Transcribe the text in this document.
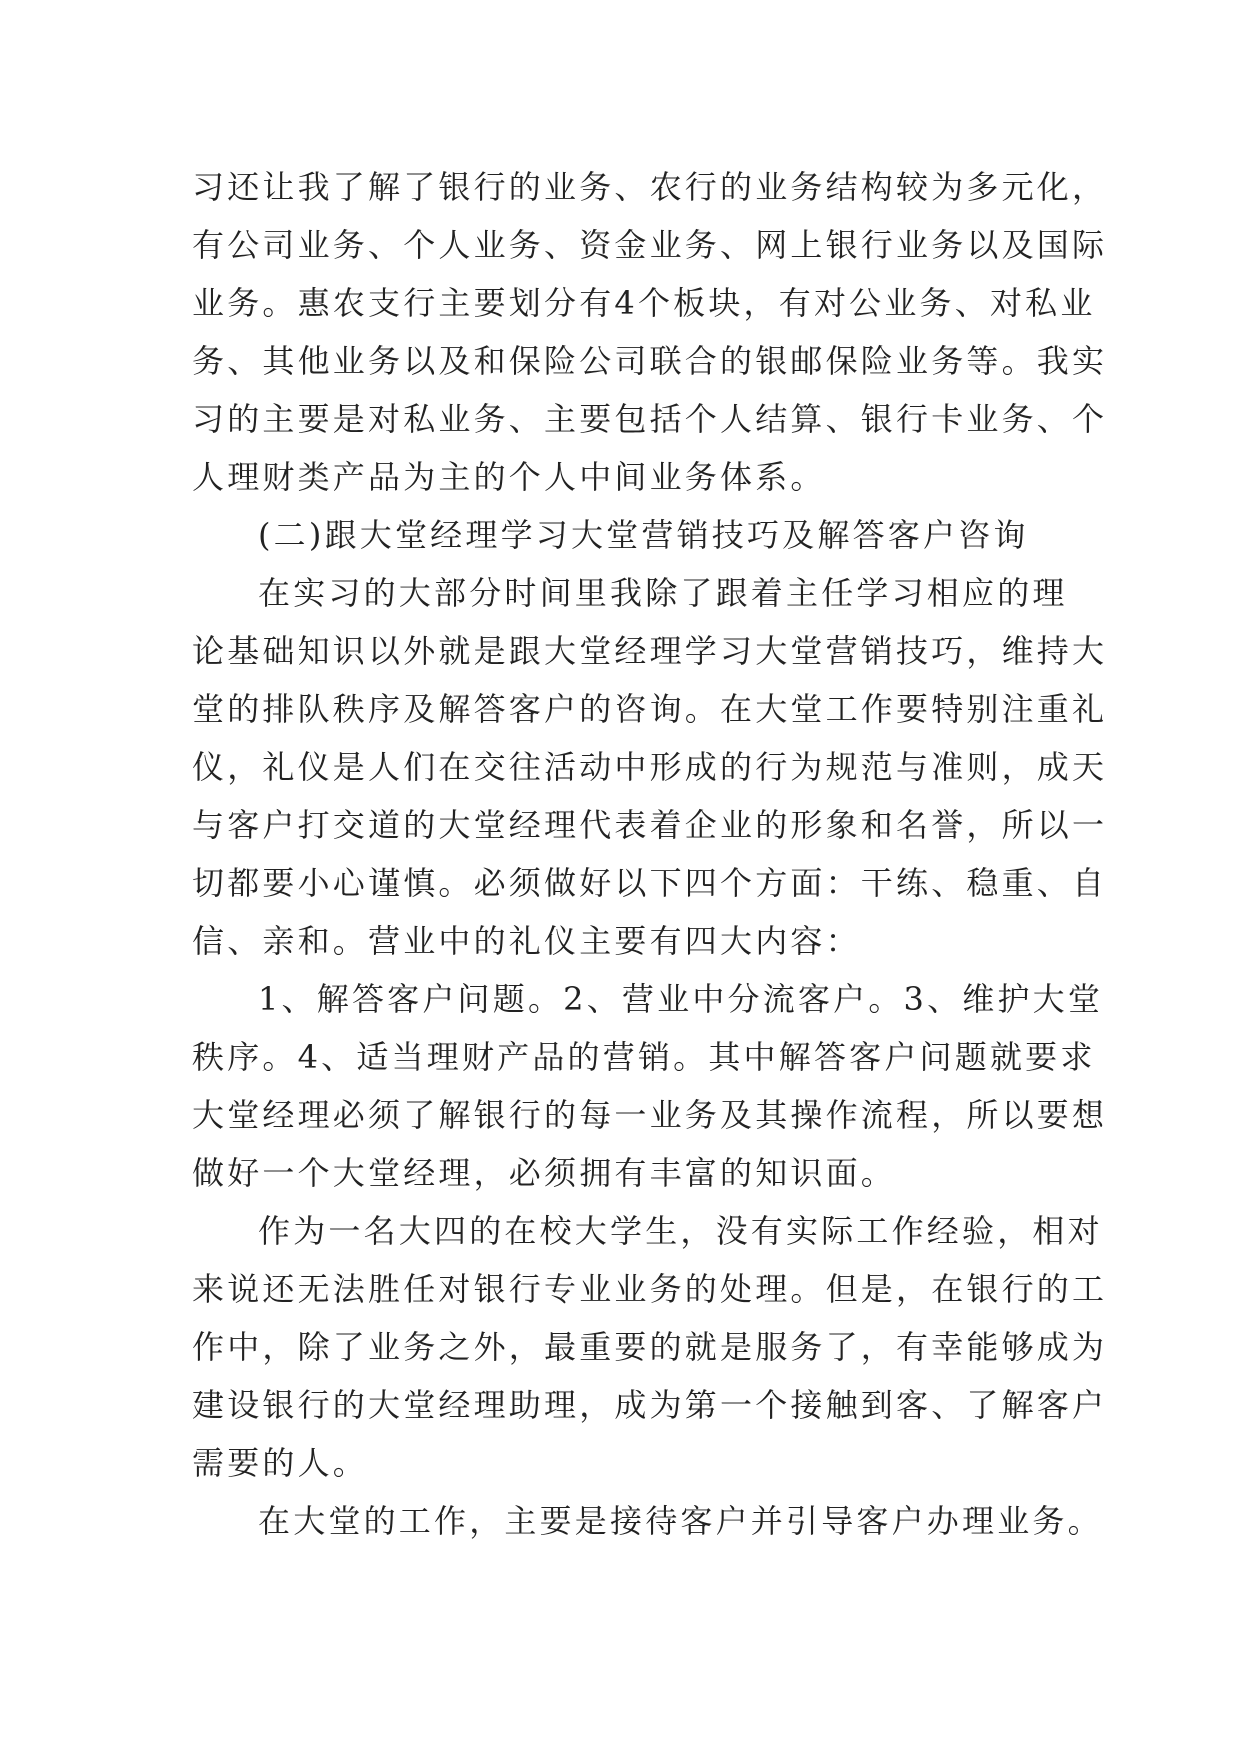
习还让我了解了银行的业务、农行的业务结构较为多元化，
有公司业务、个人业务、资金业务、网上银行业务以及国际
业务。惠农支行主要划分有4个板块，有对公业务、对私业
务、其他业务以及和保险公司联合的银邮保险业务等。我实
习的主要是对私业务、主要包括个人结算、银行卡业务、个
人理财类产品为主的个人中间业务体系。
(二)跟大堂经理学习大堂营销技巧及解答客户咨询
在实习的大部分时间里我除了跟着主任学习相应的理
论基础知识以外就是跟大堂经理学习大堂营销技巧，维持大
堂的排队秩序及解答客户的咨询。在大堂工作要特别注重礼
仪，礼仪是人们在交往活动中形成的行为规范与准则，成天
与客户打交道的大堂经理代表着企业的形象和名誉，所以一
切都要小心谨慎。必须做好以下四个方面：干练、稳重、自
信、亲和。营业中的礼仪主要有四大内容：
1、解答客户问题。2、营业中分流客户。3、维护大堂
秩序。4、适当理财产品的营销。其中解答客户问题就要求
大堂经理必须了解银行的每一业务及其操作流程，所以要想
做好一个大堂经理，必须拥有丰富的知识面。
作为一名大四的在校大学生，没有实际工作经验，相对
来说还无法胜任对银行专业业务的处理。但是，在银行的工
作中，除了业务之外，最重要的就是服务了，有幸能够成为
建设银行的大堂经理助理，成为第一个接触到客、了解客户
需要的人。
在大堂的工作，主要是接待客户并引导客户办理业务。
